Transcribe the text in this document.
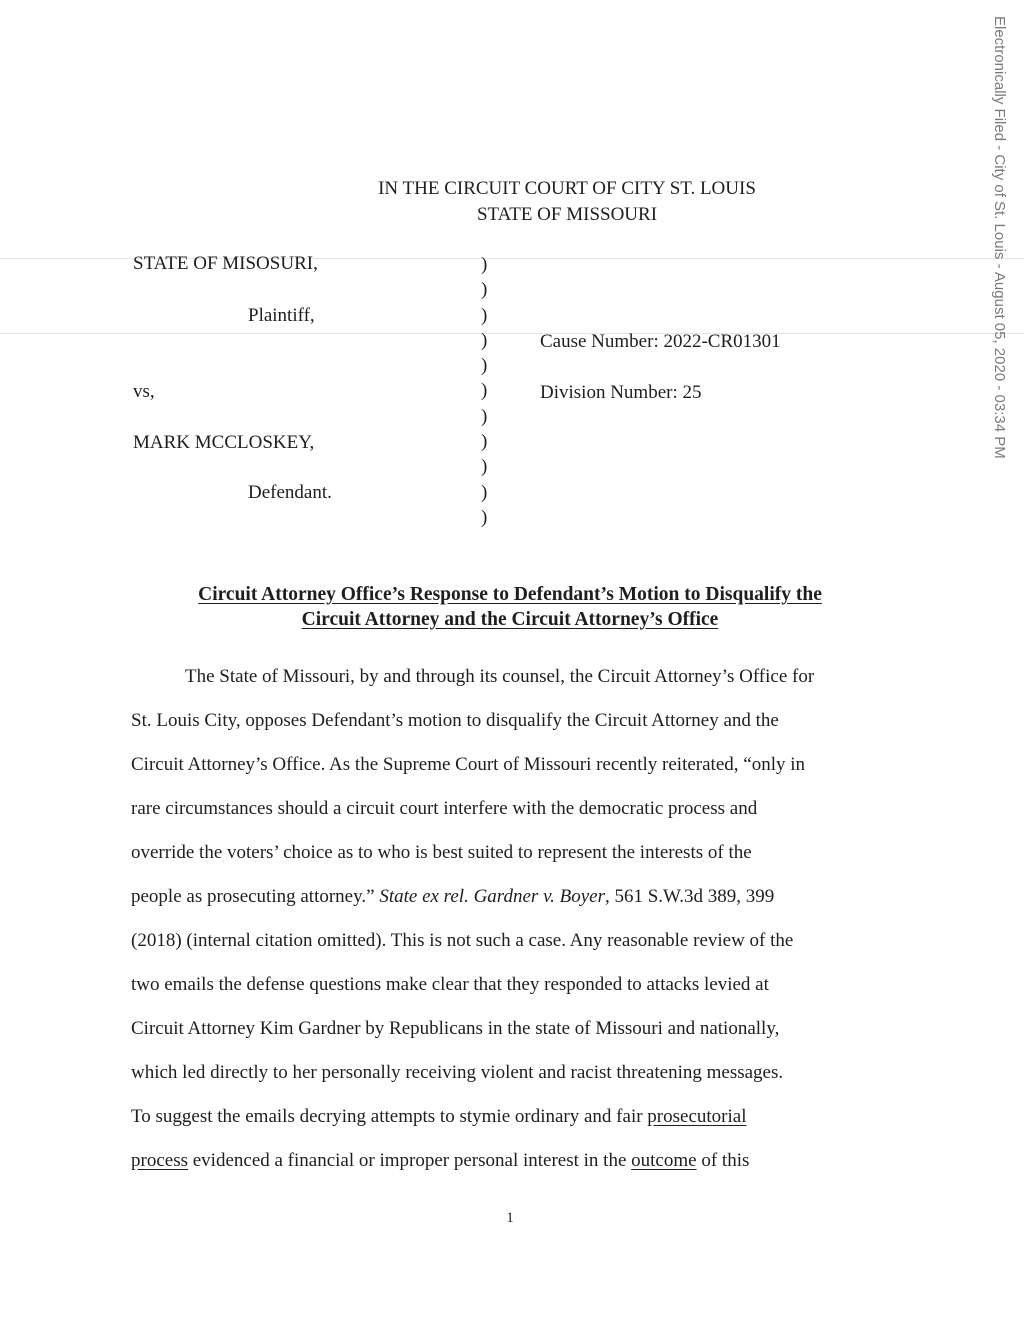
IN THE CIRCUIT COURT OF CITY ST. LOUIS
STATE OF MISSOURI
STATE OF MISOSURI,
Plaintiff,
vs,
MARK MCCLOSKEY,
Defendant.
)
)
)
)
)
)
)
)
)
)
)
Cause Number: 2022-CR01301
Division Number: 25
Circuit Attorney Office’s Response to Defendant’s Motion to Disqualify the
Circuit Attorney and the Circuit Attorney’s Office
The State of Missouri, by and through its counsel, the Circuit Attorney’s Office for
St. Louis City, opposes Defendant’s motion to disqualify the Circuit Attorney and the
Circuit Attorney’s Office. As the Supreme Court of Missouri recently reiterated, “only in
rare circumstances should a circuit court interfere with the democratic process and
override the voters’ choice as to who is best suited to represent the interests of the
people as prosecuting attorney.” State ex rel. Gardner v. Boyer, 561 S.W.3d 389, 399
(2018) (internal citation omitted). This is not such a case. Any reasonable review of the
two emails the defense questions make clear that they responded to attacks levied at
Circuit Attorney Kim Gardner by Republicans in the state of Missouri and nationally,
which led directly to her personally receiving violent and racist threatening messages.
To suggest the emails decrying attempts to stymie ordinary and fair prosecutorial
process evidenced a financial or improper personal interest in the outcome of this
1
Electronically Filed - City of St. Louis - August 05, 2020 - 03:34 PM
